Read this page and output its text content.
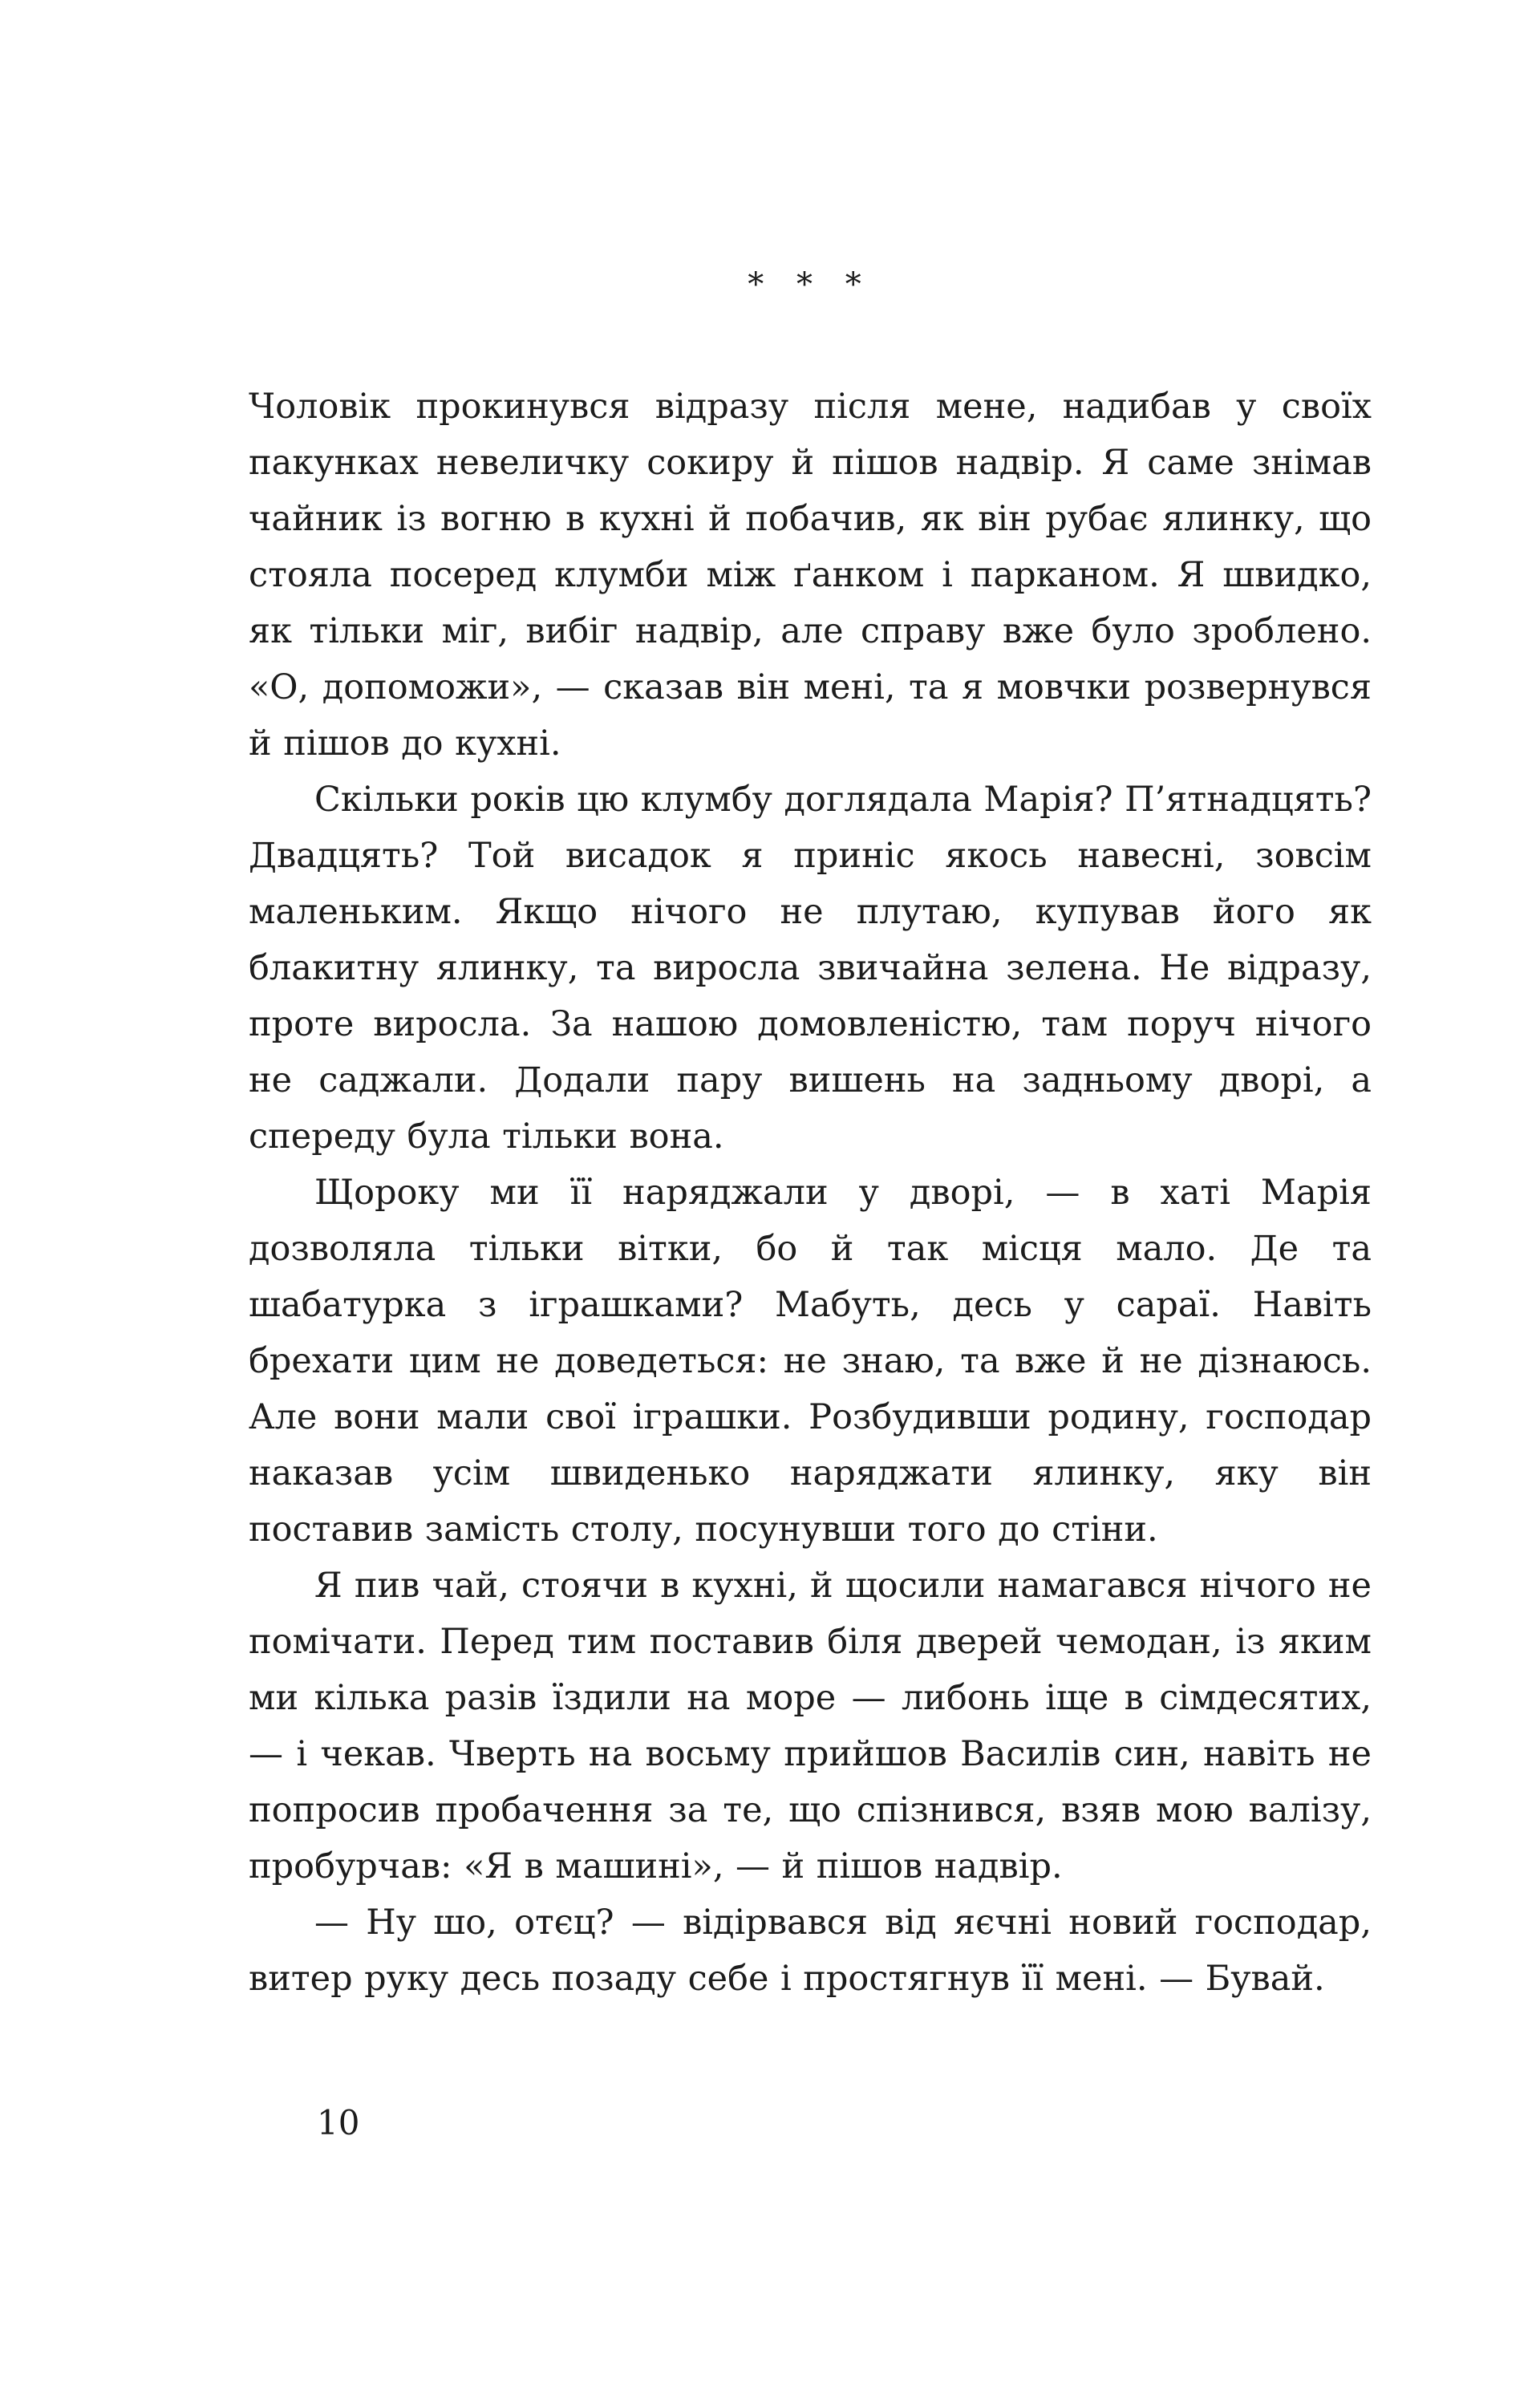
* * *

Чоловік прокинувся відразу після мене, надибав у своїх пакунках невеличку сокиру й пішов надвір. Я саме знімав чайник із вогню в кухні й побачив, як він рубає ялинку, що стояла посеред клумби між ґанком і парканом. Я швидко, як тільки міг, вибіг надвір, але справу вже було зроблено. «О, допоможи», — сказав він мені, та я мовчки розвернувся й пішов до кухні.

Скільки років цю клумбу доглядала Марія? П’ятнадцять? Двадцять? Той висадок я приніс якось навесні, зовсім маленьким. Якщо нічого не плутаю, купував його як блакитну ялинку, та виросла звичайна зелена. Не відразу, проте виросла. За нашою домовленістю, там поруч нічого не саджали. Додали пару вишень на задньому дворі, а спереду була тільки вона.

Щороку ми її наряджали у дворі, — в хаті Марія дозволяла тільки вітки, бо й так місця мало. Де та шабатурка з іграшками? Мабуть, десь у сараї. Навіть брехати цим не доведеться: не знаю, та вже й не дізнаюсь. Але вони мали свої іграшки. Розбудивши родину, господар наказав усім швиденько наряджати ялинку, яку він поставив замість столу, посунувши того до стіни.

Я пив чай, стоячи в кухні, й щосили намагався нічого не помічати. Перед тим поставив біля дверей чемодан, із яким ми кілька разів їздили на море — либонь іще в сімдесятих, — і чекав. Чверть на восьму прийшов Василів син, навіть не попросив пробачення за те, що спізнився, взяв мою валізу, пробурчав: «Я в машині», — й пішов надвір.

— Ну шо, отєц? — відірвався від яєчні новий господар, витер руку десь позаду себе і простягнув її мені. — Бувай.

10
